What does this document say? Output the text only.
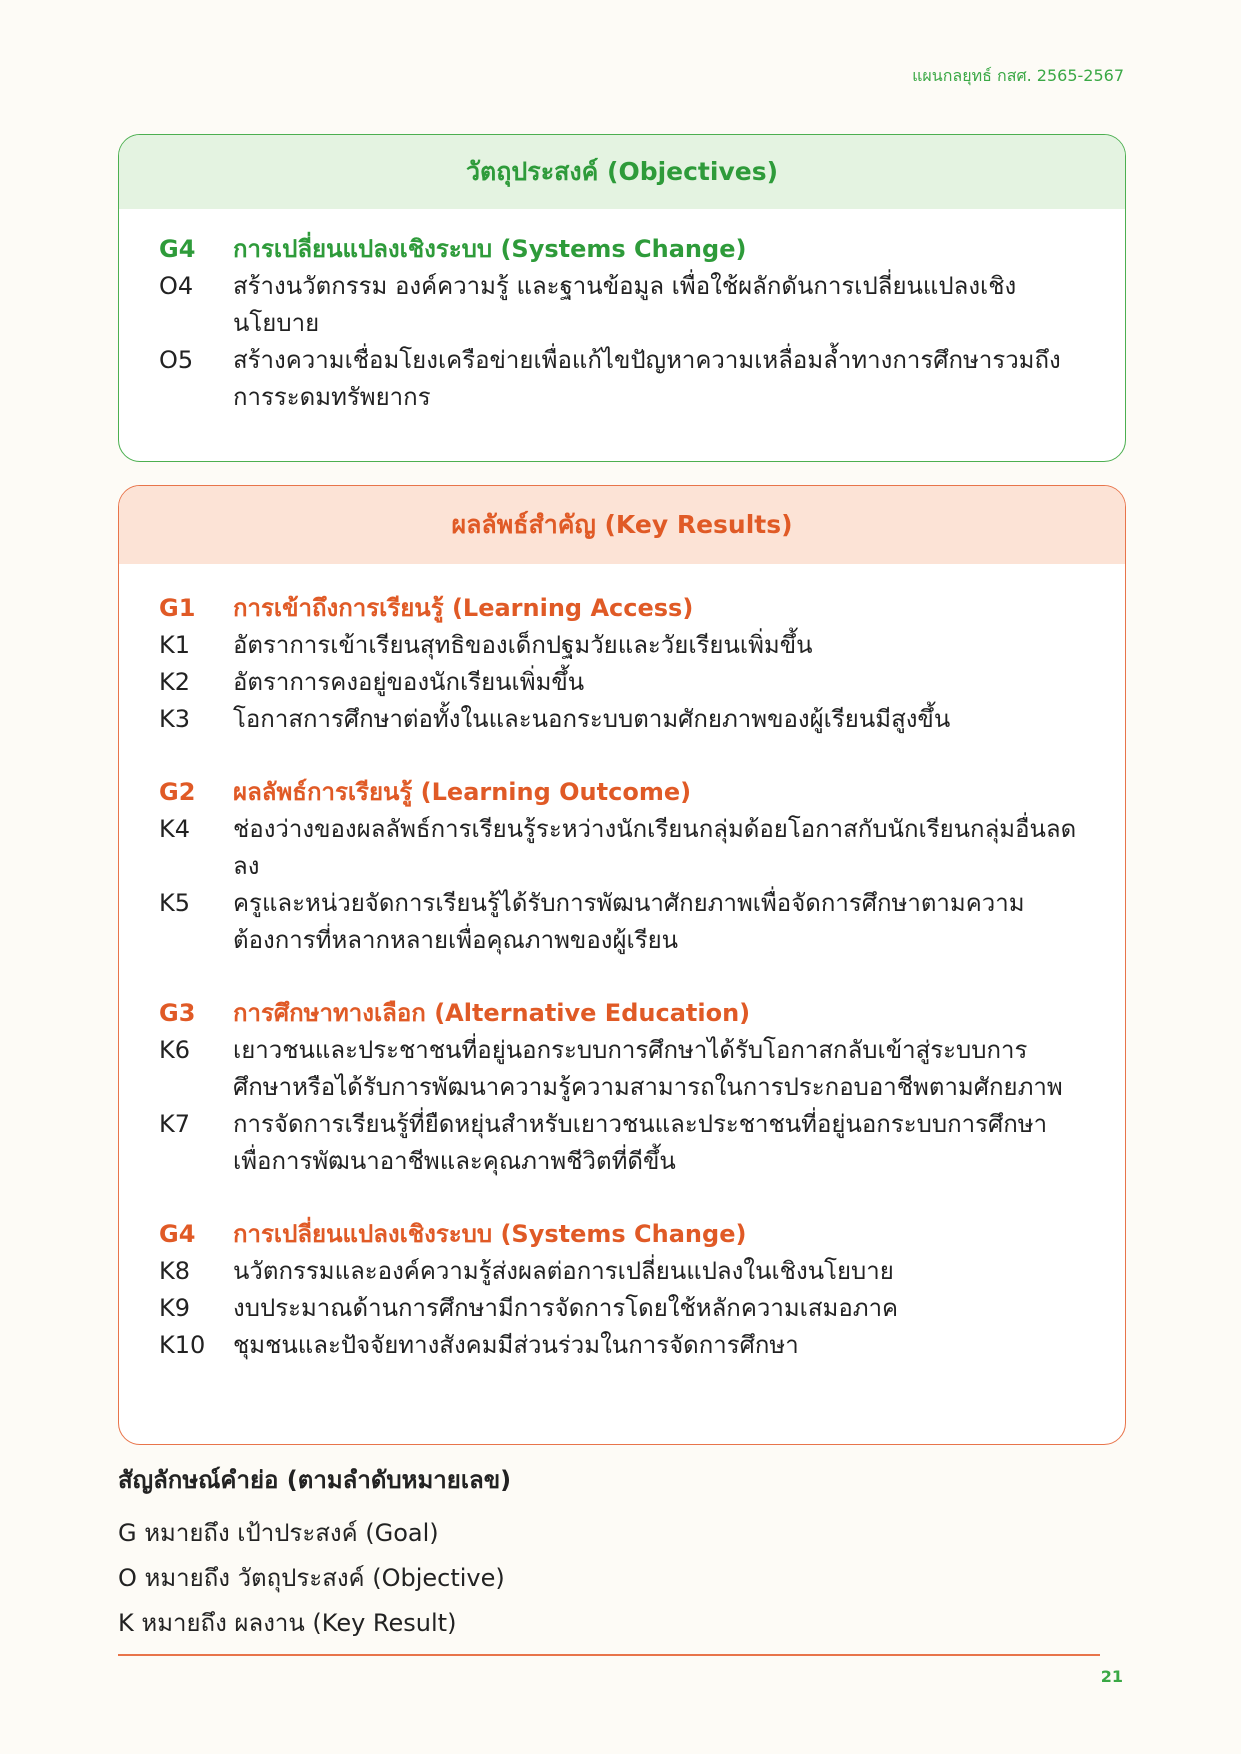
แผนกลยุทธ์ กสศ. 2565-2567
วัตถุประสงค์ (Objectives)
G4	การเปลี่ยนแปลงเชิงระบบ (Systems Change)
O4	สร้างนวัตกรรม องค์ความรู้ และฐานข้อมูล เพื่อใช้ผลักดันการเปลี่ยนแปลงเชิงนโยบาย
O5	สร้างความเชื่อมโยงเครือข่ายเพื่อแก้ไขปัญหาความเหลื่อมล้ำทางการศึกษารวมถึงการระดมทรัพยากร
ผลลัพธ์สำคัญ (Key Results)
G1	การเข้าถึงการเรียนรู้ (Learning Access)
K1	อัตราการเข้าเรียนสุทธิของเด็กปฐมวัยและวัยเรียนเพิ่มขึ้น
K2	อัตราการคงอยู่ของนักเรียนเพิ่มขึ้น
K3	โอกาสการศึกษาต่อทั้งในและนอกระบบตามศักยภาพของผู้เรียนมีสูงขึ้น
G2	ผลลัพธ์การเรียนรู้ (Learning Outcome)
K4	ช่องว่างของผลลัพธ์การเรียนรู้ระหว่างนักเรียนกลุ่มด้อยโอกาสกับนักเรียนกลุ่มอื่นลดลง
K5	ครูและหน่วยจัดการเรียนรู้ได้รับการพัฒนาศักยภาพเพื่อจัดการศึกษาตามความต้องการที่หลากหลายเพื่อคุณภาพของผู้เรียน
G3	การศึกษาทางเลือก (Alternative Education)
K6	เยาวชนและประชาชนที่อยู่นอกระบบการศึกษาได้รับโอกาสกลับเข้าสู่ระบบการศึกษาหรือได้รับการพัฒนาความรู้ความสามารถในการประกอบอาชีพตามศักยภาพ
K7	การจัดการเรียนรู้ที่ยืดหยุ่นสำหรับเยาวชนและประชาชนที่อยู่นอกระบบการศึกษาเพื่อการพัฒนาอาชีพและคุณภาพชีวิตที่ดีขึ้น
G4	การเปลี่ยนแปลงเชิงระบบ (Systems Change)
K8	นวัตกรรมและองค์ความรู้ส่งผลต่อการเปลี่ยนแปลงในเชิงนโยบาย
K9	งบประมาณด้านการศึกษามีการจัดการโดยใช้หลักความเสมอภาค
K10	ชุมชนและปัจจัยทางสังคมมีส่วนร่วมในการจัดการศึกษา
สัญลักษณ์คำย่อ (ตามลำดับหมายเลข)
G หมายถึง เป้าประสงค์ (Goal)
O หมายถึง วัตถุประสงค์ (Objective)
K หมายถึง ผลงาน (Key Result)
21
